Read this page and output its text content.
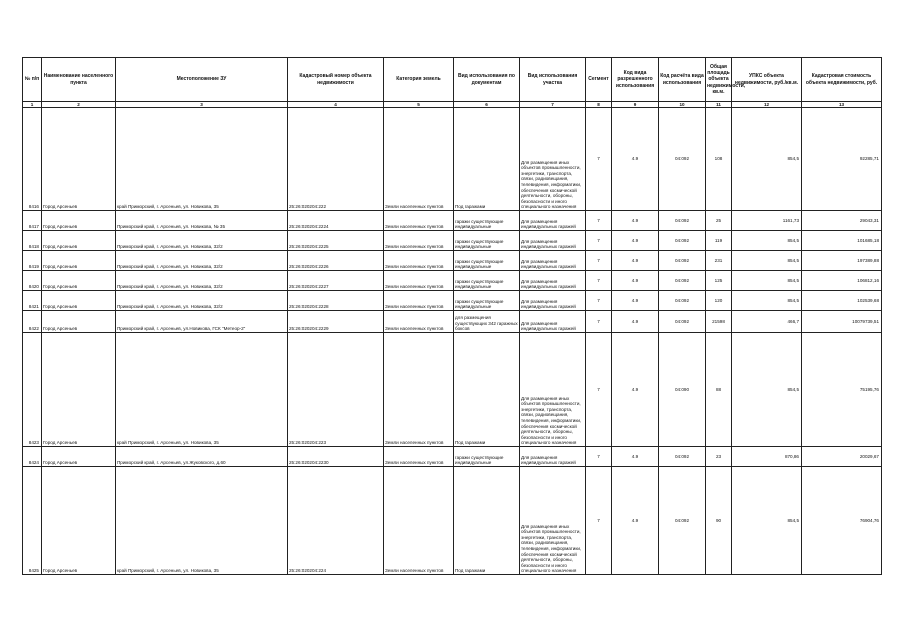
№ п/п	Наименование населенного пункта	Местоположение ЗУ	Кадастровый номер объекта недвижимости	Категория земель	Вид использования по документам	Вид использования участка	Сегмент	Код вида разрешенного использования	Код расчёта вида использования	Общая площадь объекта недвижимости, кв.м.	УПКС объекта недвижимости, руб./кв.м.	Кадастровая стоимость объекта недвижимости, руб.
1	2	3	4	5	6	7	8	9	10	11	12	13
8416	Город Арсеньев	край Приморский, г. Арсеньев, ул. Новикова, 35	25:26:020204:222	Земли населенных пунктов	Под гаражами	Для размещения иных объектов промышленности, энергетики, транспорта, связи, радиовещания, телевидения, информатики, обеспечения космической деятельности, обороны, безопасности и иного специального назначения	7	4.9	04:092	108	854,5	92285,71
8417	Город Арсеньев	Приморский край, г. Арсеньев, ул. Новикова, № 35	25:26:020204:2224	Земли населенных пунктов	гаражи существующие индивидуальные	Для размещения индивидуальных гаражей	7	4.9	04:092	25	1161,73	29043,31
8418	Город Арсеньев	Приморский край, г. Арсеньев, ул. Новикова, 32/2	25:26:020204:2225	Земли населенных пунктов	гаражи существующие индивидуальные	Для размещения индивидуальных гаражей	7	4.9	04:092	119	854,5	101685,18
8419	Город Арсеньев	Приморский край, г. Арсеньев, ул. Новикова, 32/2	25:26:020204:2226	Земли населенных пунктов	гаражи существующие индивидуальные	Для размещения индивидуальных гаражей	7	4.9	04:092	231	854,5	197389,88
8420	Город Арсеньев	Приморский край, г. Арсеньев, ул. Новикова, 32/2	25:26:020204:2227	Земли населенных пунктов	гаражи существующие индивидуальные	Для размещения индивидуальных гаражей	7	4.9	04:092	125	854,5	106812,16
8421	Город Арсеньев	Приморский край, г. Арсеньев, ул. Новикова, 32/2	25:26:020204:2228	Земли населенных пунктов	гаражи существующие индивидуальные	Для размещения индивидуальных гаражей	7	4.9	04:092	120	854,5	102539,68
8422	Город Арсеньев	Приморский край, г. Арсеньев, ул.Новикова, ГСК "Метеор-2"	25:26:020204:2229	Земли населенных пунктов	для размещения существующих 342 гаражных боксов	Для размещения индивидуальных гаражей	7	4.9	04:092	21598	466,7	10079739,51
8423	Город Арсеньев	край Приморский, г. Арсеньев, ул. Новикова, 35	25:26:020204:223	Земли населенных пунктов	Под гаражами	Для размещения иных объектов промышленности, энергетики, транспорта, связи, радиовещания, телевидения, информатики, обеспечения космической деятельности, обороны, безопасности и иного специального назначения	7	4.9	04:090	88	854,5	75195,76
8424	Город Арсеньев	Приморский край, г. Арсеньев, ул.Жуковского, д.60	25:26:020204:2230	Земли населенных пунктов	гаражи существующие индивидуальные	Для размещения индивидуальных гаражей	7	4.9	04:092	23	870,86	20029,67
8425	Город Арсеньев	край Приморский, г. Арсеньев, ул. Новикова, 35	25:26:020204:224	Земли населенных пунктов	Под гаражами	Для размещения иных объектов промышленности, энергетики, транспорта, связи, радиовещания, телевидения, информатики, обеспечения космической деятельности, обороны, безопасности и иного специального назначения	7	4.9	04:092	90	854,5	76904,76
